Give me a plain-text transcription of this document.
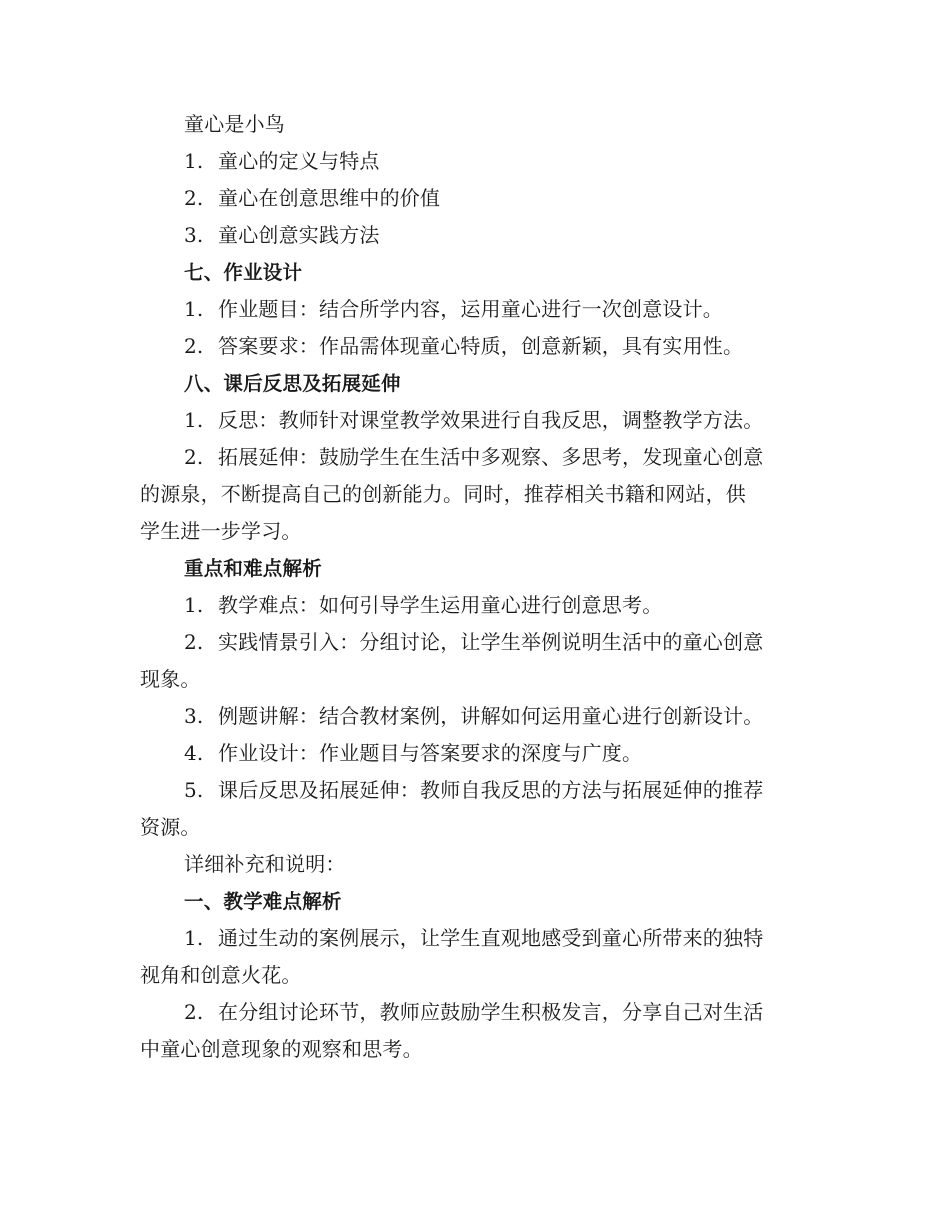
童心是小鸟
1. 童心的定义与特点
2. 童心在创意思维中的价值
3. 童心创意实践方法
七、作业设计
1. 作业题目：结合所学内容，运用童心进行一次创意设计。
2. 答案要求：作品需体现童心特质，创意新颖，具有实用性。
八、课后反思及拓展延伸
1. 反思：教师针对课堂教学效果进行自我反思，调整教学方法。
2. 拓展延伸：鼓励学生在生活中多观察、多思考，发现童心创意
的源泉，不断提高自己的创新能力。同时，推荐相关书籍和网站，供
学生进一步学习。
重点和难点解析
1. 教学难点：如何引导学生运用童心进行创意思考。
2. 实践情景引入：分组讨论，让学生举例说明生活中的童心创意
现象。
3. 例题讲解：结合教材案例，讲解如何运用童心进行创新设计。
4. 作业设计：作业题目与答案要求的深度与广度。
5. 课后反思及拓展延伸：教师自我反思的方法与拓展延伸的推荐
资源。
详细补充和说明：
一、教学难点解析
1. 通过生动的案例展示，让学生直观地感受到童心所带来的独特
视角和创意火花。
2. 在分组讨论环节，教师应鼓励学生积极发言，分享自己对生活
中童心创意现象的观察和思考。
